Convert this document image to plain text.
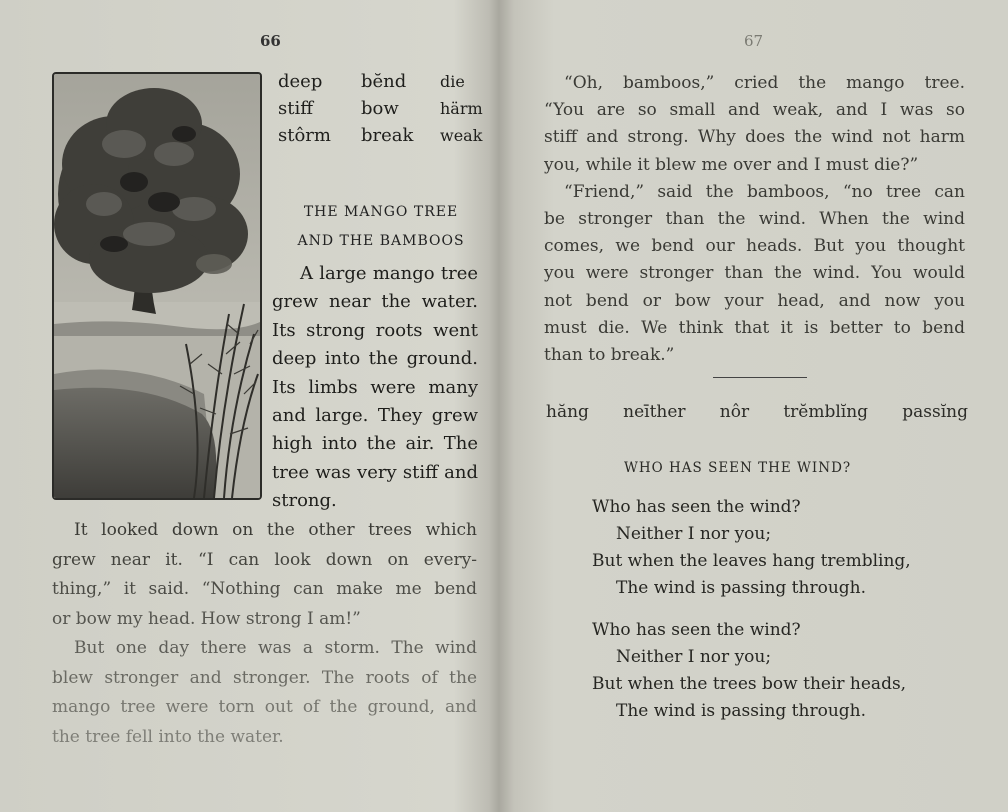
66
deep
stiff
stôrm
bĕnd
bow
break
die
härm
weak
THE MANGO TREE
AND THE BAMBOOS
A large mango tree
grew near the water.
Its strong roots went
deep into the ground.
Its limbs were many
and large. They grew
high into the air. The
tree was very stiff and
strong.
It looked down on the other trees which
grew near it. “I can look down on every-
thing,” it said. “Nothing can make me bend
or bow my head. How strong I am!”
But one day there was a storm. The wind
blew stronger and stronger. The roots of the
mango tree were torn out of the ground, and
the tree fell into the water.
67
“Oh, bamboos,” cried the mango tree.
“You are so small and weak, and I was so
stiff and strong. Why does the wind not harm
you, while it blew me over and I must die?”
“Friend,” said the bamboos, “no tree can
be stronger than the wind. When the wind
comes, we bend our heads. But you thought
you were stronger than the wind. You would
not bend or bow your head, and now you
must die. We think that it is better to bend
than to break.”
hăng neīther nôr trĕmblĭng passĭng
WHO HAS SEEN THE WIND?
Who has seen the wind?
Neither I nor you;
But when the leaves hang trembling,
The wind is passing through.
Who has seen the wind?
Neither I nor you;
But when the trees bow their heads,
The wind is passing through.
